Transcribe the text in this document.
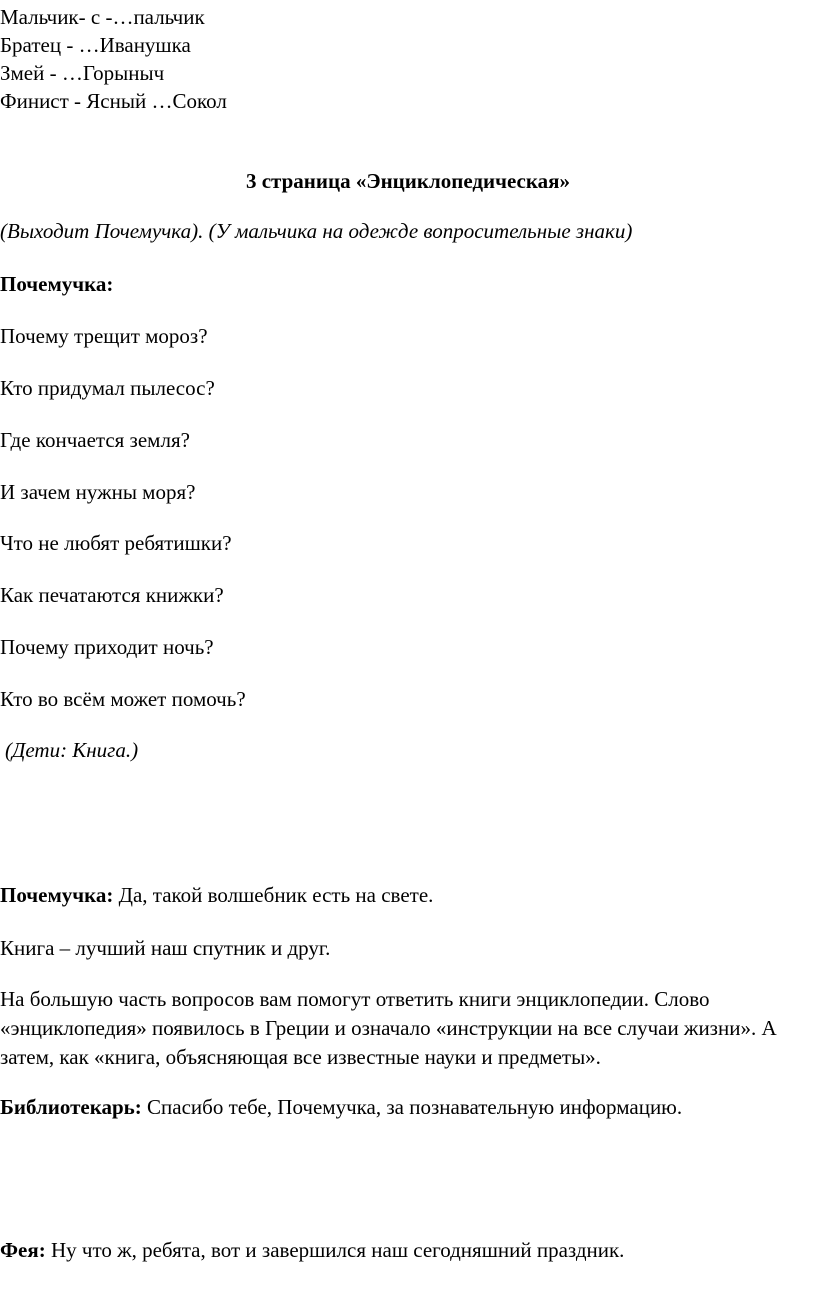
Мальчик- с -…пальчик
Братец - …Иванушка
Змей - …Горыныч
Финист - Ясный …Сокол
3 страница «Энциклопедическая»
(Выходит Почемучка). (У мальчика на одежде вопросительные знаки)
Почемучка:
Почему трещит мороз?
Кто придумал пылесос?
Где кончается земля?
И зачем нужны моря?
Что не любят ребятишки?
Как печатаются книжки?
Почему приходит ночь?
Кто во всём может помочь?
(Дети: Книга.)
Почемучка: Да, такой волшебник есть на свете.
Книга – лучший наш спутник и друг.
На большую часть вопросов вам помогут ответить книги энциклопедии. Слово «энциклопедия» появилось в Греции и означало «инструкции на все случаи жизни». А затем, как «книга, объясняющая все известные науки и предметы».
Библиотекарь: Спасибо тебе, Почемучка, за познавательную информацию.
Фея: Ну что ж, ребята, вот и завершился наш сегодняшний праздник.
